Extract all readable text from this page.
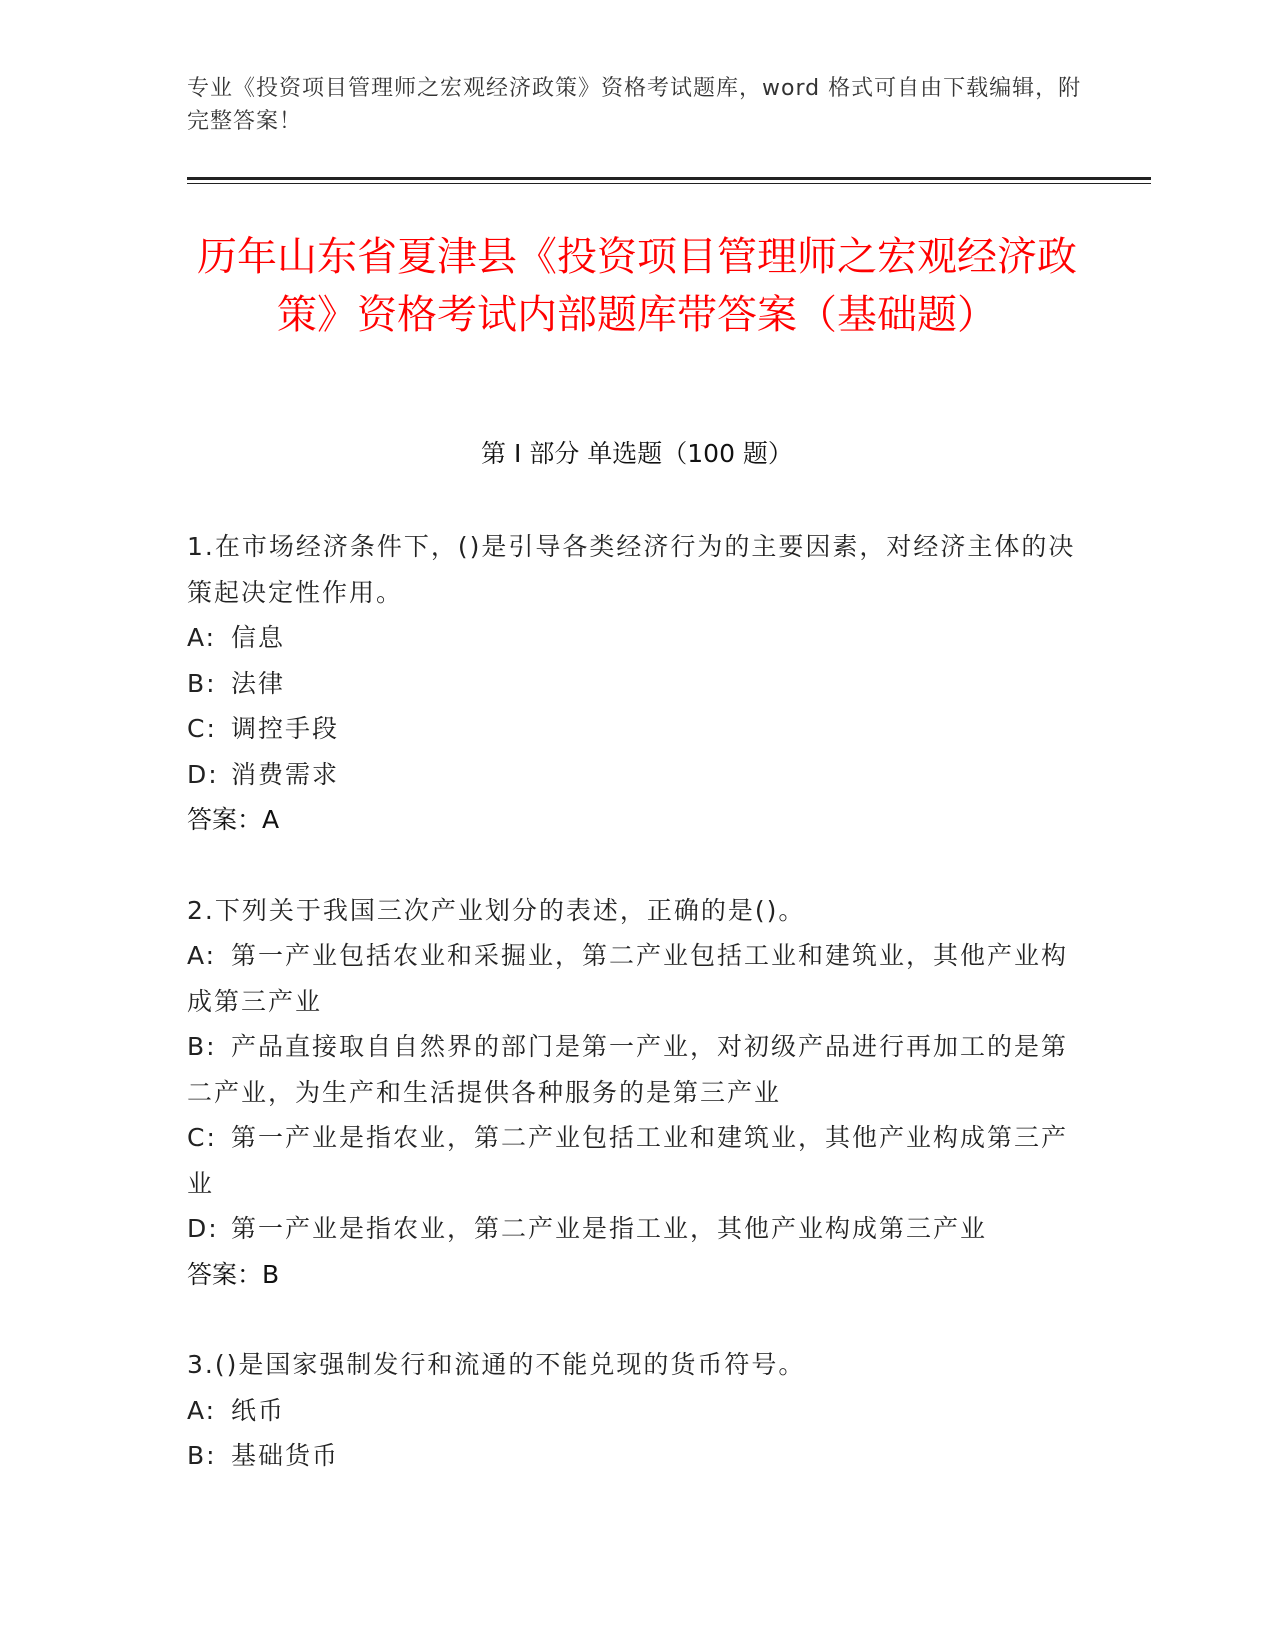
专业《投资项目管理师之宏观经济政策》资格考试题库，word 格式可自由下载编辑，附完整答案！
历年山东省夏津县《投资项目管理师之宏观经济政策》资格考试内部题库带答案（基础题）
第 I 部分 单选题（100 题）

1.在市场经济条件下，()是引导各类经济行为的主要因素，对经济主体的决策起决定性作用。

A: 信息

B: 法律

C: 调控手段

D: 消费需求

答案：A

2.下列关于我国三次产业划分的表述，正确的是()。

A: 第一产业包括农业和采掘业，第二产业包括工业和建筑业，其他产业构成第三产业

B: 产品直接取自自然界的部门是第一产业，对初级产品进行再加工的是第二产业，为生产和生活提供各种服务的是第三产业

C: 第一产业是指农业，第二产业包括工业和建筑业，其他产业构成第三产业

D: 第一产业是指农业，第二产业是指工业，其他产业构成第三产业

答案：B

3.()是国家强制发行和流通的不能兑现的货币符号。

A: 纸币

B: 基础货币
